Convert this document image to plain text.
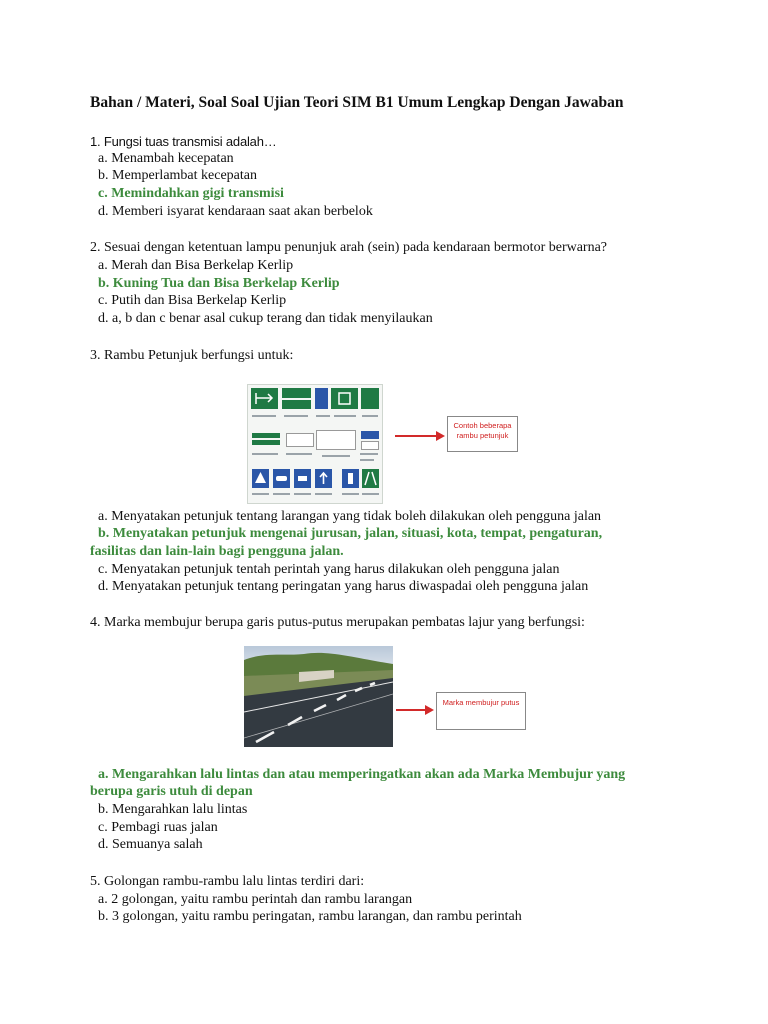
Bahan / Materi, Soal Soal Ujian Teori SIM B1 Umum Lengkap Dengan Jawaban
1. Fungsi tuas transmisi adalah…
a. Menambah kecepatan
b. Memperlambat kecepatan
c. Memindahkan gigi transmisi
d. Memberi isyarat kendaraan saat akan berbelok
2. Sesuai dengan ketentuan lampu penunjuk arah (sein) pada kendaraan bermotor berwarna?
a. Merah dan Bisa Berkelap Kerlip
b. Kuning Tua dan Bisa Berkelap Kerlip
c. Putih dan Bisa Berkelap Kerlip
d. a, b dan c benar asal cukup terang dan tidak menyilaukan
3. Rambu Petunjuk berfungsi untuk:
a. Menyatakan petunjuk tentang larangan yang tidak boleh dilakukan oleh pengguna jalan
b. Menyatakan petunjuk mengenai jurusan, jalan, situasi, kota, tempat, pengaturan,
fasilitas dan lain-lain bagi pengguna jalan.
c. Menyatakan petunjuk tentah perintah yang harus dilakukan oleh pengguna jalan
d. Menyatakan petunjuk tentang peringatan yang harus diwaspadai oleh pengguna jalan
4. Marka membujur berupa garis putus-putus merupakan pembatas lajur yang berfungsi:
a. Mengarahkan lalu lintas dan atau memperingatkan akan ada Marka Membujur yang
berupa garis utuh di depan
b. Mengarahkan lalu lintas
c. Pembagi ruas jalan
d. Semuanya salah
5. Golongan rambu-rambu lalu lintas terdiri dari:
a. 2 golongan, yaitu rambu perintah dan rambu larangan
b. 3 golongan, yaitu rambu peringatan, rambu larangan, dan rambu perintah
Contoh beberapa rambu petunjuk
Marka membujur putus
